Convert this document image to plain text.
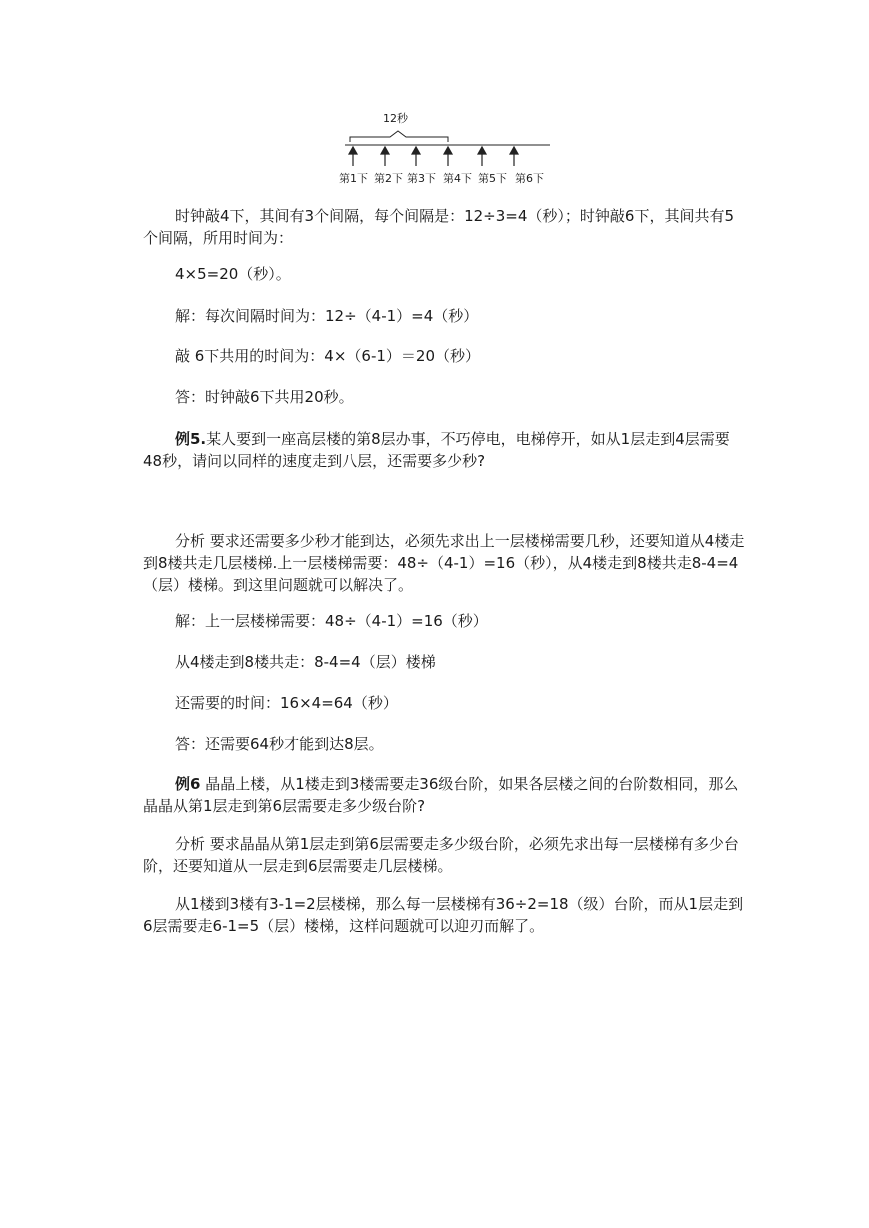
12秒
第1下 第2下 第3下 第4下 第5下 第6下

时钟敲4下，其间有3个间隔，每个间隔是：12÷3=4（秒）；时钟敲6下，其间共有5个间隔，所用时间为：

4×5=20（秒）。

解：每次间隔时间为：12÷（4-1）=4（秒）

敲 6下共用的时间为：4×（6-1）＝20（秒）

答：时钟敲6下共用20秒。

例5.某人要到一座高层楼的第8层办事，不巧停电，电梯停开，如从1层走到4层需要48秒，请问以同样的速度走到八层，还需要多少秒?

分析 要求还需要多少秒才能到达，必须先求出上一层楼梯需要几秒，还要知道从4楼走到8楼共走几层楼梯.上一层楼梯需要：48÷（4-1）=16（秒），从4楼走到8楼共走8-4=4（层）楼梯。到这里问题就可以解决了。

解：上一层楼梯需要：48÷（4-1）=16（秒）

从4楼走到8楼共走：8-4=4（层）楼梯

还需要的时间：16×4=64（秒）

答：还需要64秒才能到达8层。

例6 晶晶上楼，从1楼走到3楼需要走36级台阶，如果各层楼之间的台阶数相同，那么晶晶从第1层走到第6层需要走多少级台阶?

分析 要求晶晶从第1层走到第6层需要走多少级台阶，必须先求出每一层楼梯有多少台阶，还要知道从一层走到6层需要走几层楼梯。

从1楼到3楼有3-1=2层楼梯，那么每一层楼梯有36÷2=18（级）台阶，而从1层走到6层需要走6-1=5（层）楼梯，这样问题就可以迎刃而解了。
